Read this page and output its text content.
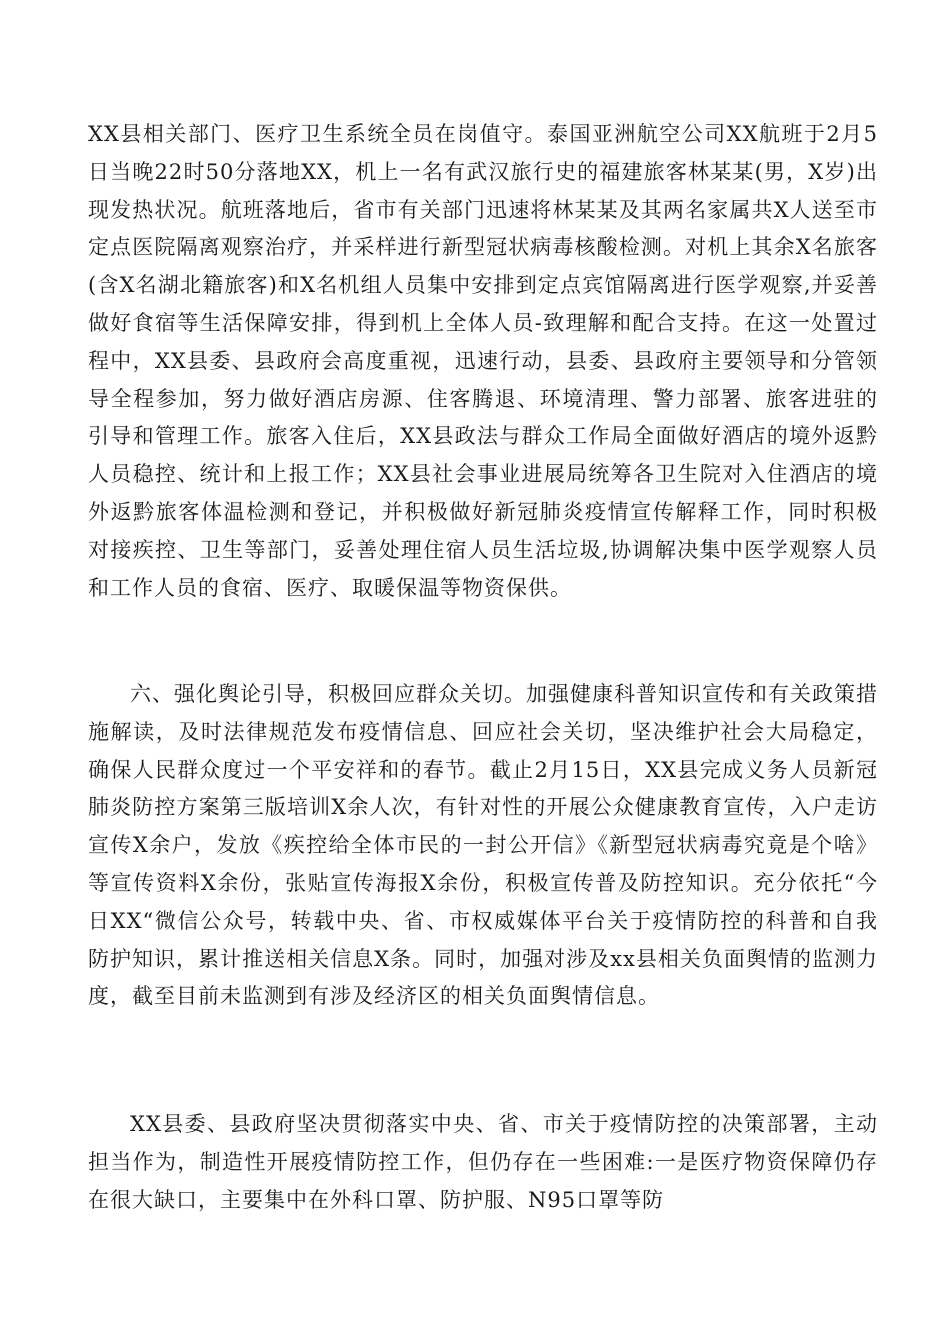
XX县相关部门、医疗卫生系统全员在岗值守。泰国亚洲航空公司XX航班于2月5日当晚22时50分落地XX，机上一名有武汉旅行史的福建旅客林某某(男，X岁)出现发热状况。航班落地后，省市有关部门迅速将林某某及其两名家属共X人送至市定点医院隔离观察治疗，并采样进行新型冠状病毒核酸检测。对机上其余X名旅客(含X名湖北籍旅客)和X名机组人员集中安排到定点宾馆隔离进行医学观察,并妥善做好食宿等生活保障安排，得到机上全体人员-致理解和配合支持。在这一处置过程中，XX县委、县政府会高度重视，迅速行动，县委、县政府主要领导和分管领导全程参加，努力做好酒店房源、住客腾退、环境清理、警力部署、旅客进驻的引导和管理工作。旅客入住后，XX县政法与群众工作局全面做好酒店的境外返黔人员稳控、统计和上报工作；XX县社会事业进展局统筹各卫生院对入住酒店的境外返黔旅客体温检测和登记，并积极做好新冠肺炎疫情宣传解释工作，同时积极对接疾控、卫生等部门，妥善处理住宿人员生活垃圾,协调解决集中医学观察人员和工作人员的食宿、医疗、取暖保温等物资保供。

六、强化舆论引导，积极回应群众关切。加强健康科普知识宣传和有关政策措施解读，及时法律规范发布疫情信息、回应社会关切，坚决维护社会大局稳定，确保人民群众度过一个平安祥和的春节。截止2月15日，XX县完成义务人员新冠肺炎防控方案第三版培训X余人次，有针对性的开展公众健康教育宣传，入户走访宣传X余户，发放《疾控给全体市民的一封公开信》《新型冠状病毒究竟是个啥》等宣传资料X余份，张贴宣传海报X余份，积极宣传普及防控知识。充分依托“今日XX“微信公众号，转载中央、省、市权威媒体平台关于疫情防控的科普和自我防护知识，累计推送相关信息X条。同时，加强对涉及xx县相关负面舆情的监测力度，截至目前未监测到有涉及经济区的相关负面舆情信息。

XX县委、县政府坚决贯彻落实中央、省、市关于疫情防控的决策部署，主动担当作为，制造性开展疫情防控工作，但仍存在一些困难:一是医疗物资保障仍存在很大缺口，主要集中在外科口罩、防护服、N95口罩等防
